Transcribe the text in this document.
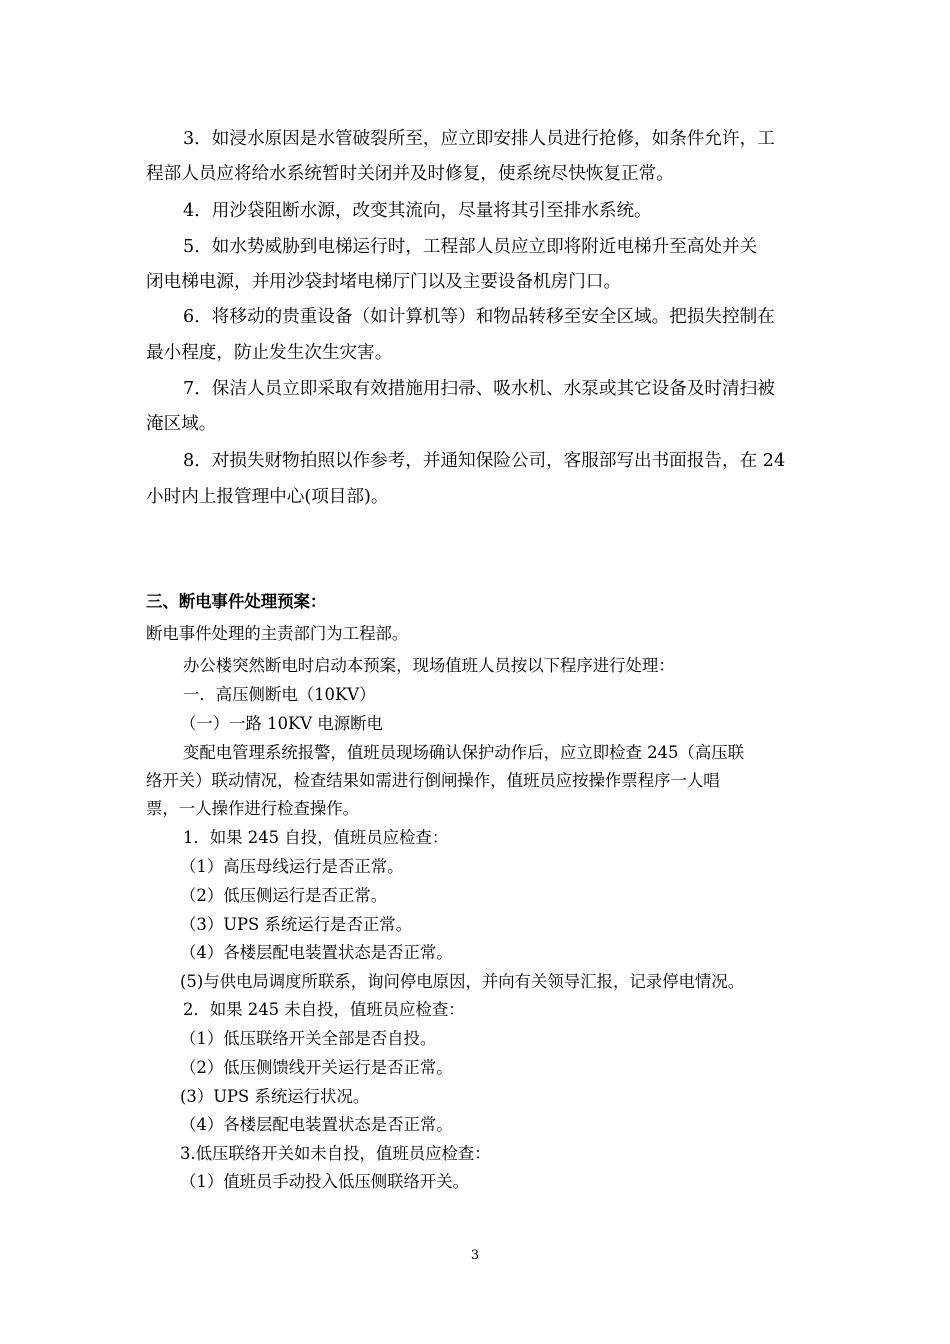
3．如浸水原因是水管破裂所至，应立即安排人员进行抢修，如条件允许，工
程部人员应将给水系统暂时关闭并及时修复，使系统尽快恢复正常。
4．用沙袋阻断水源，改变其流向，尽量将其引至排水系统。
5．如水势威胁到电梯运行时，工程部人员应立即将附近电梯升至高处并关
闭电梯电源，并用沙袋封堵电梯厅门以及主要设备机房门口。
6．将移动的贵重设备（如计算机等）和物品转移至安全区域。把损失控制在
最小程度，防止发生次生灾害。
7．保洁人员立即采取有效措施用扫帚、吸水机、水泵或其它设备及时清扫被
淹区域。
8．对损失财物拍照以作参考，并通知保险公司，客服部写出书面报告，在 24
小时内上报管理中心(项目部)。
三、断电事件处理预案：
断电事件处理的主责部门为工程部。
办公楼突然断电时启动本预案，现场值班人员按以下程序进行处理：
一．高压侧断电（10KV）
（一）一路 10KV 电源断电
变配电管理系统报警，值班员现场确认保护动作后，应立即检查 245（高压联
络开关）联动情况，检查结果如需进行倒闸操作，值班员应按操作票程序一人唱
票，一人操作进行检查操作。
1．如果 245 自投，值班员应检查：
（1）高压母线运行是否正常。
（2）低压侧运行是否正常。
（3）UPS 系统运行是否正常。
（4）各楼层配电装置状态是否正常。
(5)与供电局调度所联系，询问停电原因，并向有关领导汇报，记录停电情况。
2．如果 245 未自投，值班员应检查：
（1）低压联络开关全部是否自投。
（2）低压侧馈线开关运行是否正常。
(3）UPS 系统运行状况。
（4）各楼层配电装置状态是否正常。
3.低压联络开关如未自投，值班员应检查：
（1）值班员手动投入低压侧联络开关。
3
